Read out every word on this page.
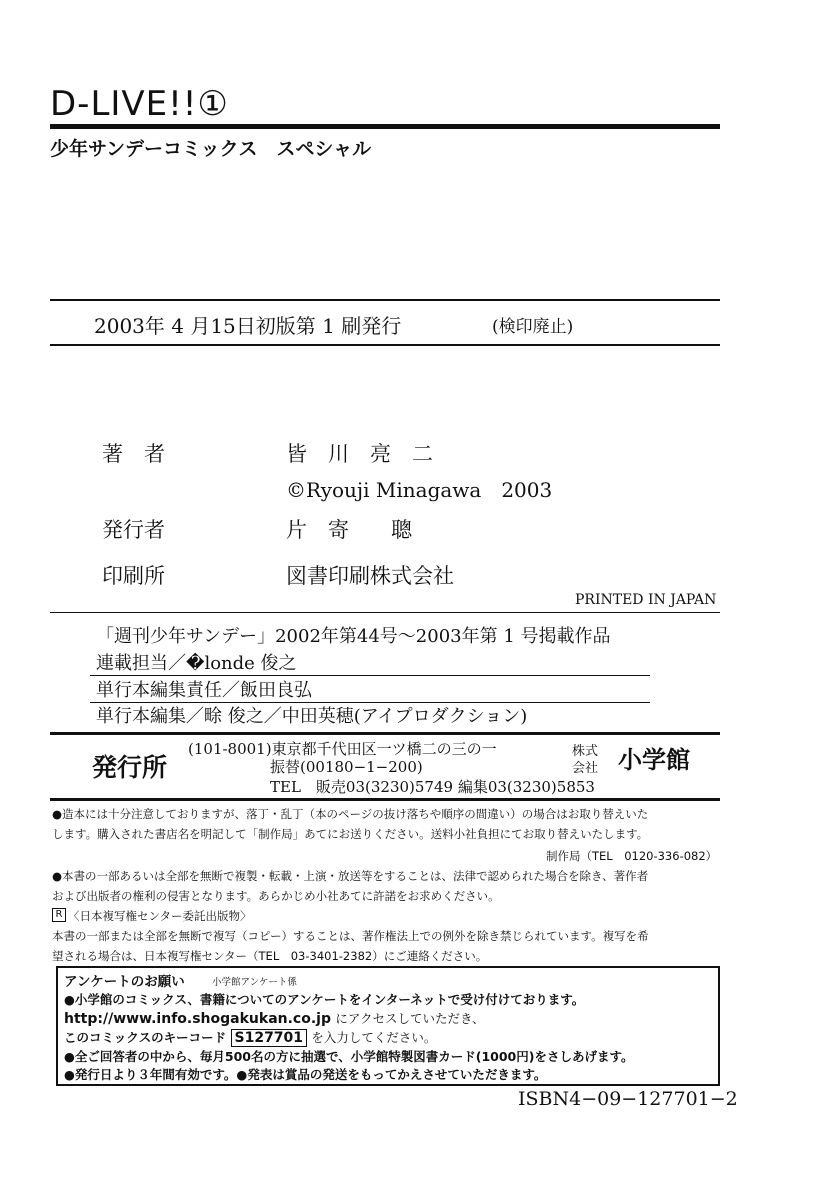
D-LIVE!!①
少年サンデーコミックス　スペシャル
2003年 4 月15日初版第 1 刷発行	(検印廃止)
著　者	皆　川　亮　二
©Ryouji Minagawa　2003
発行者	片　寄　　聰
印刷所	図書印刷株式会社
PRINTED IN JAPAN
「週刊少年サンデー」2002年第44号〜2003年第 1 号掲載作品
連載担当／�londe 俊之
単行本編集責任／飯田良弘
単行本編集／畭 俊之／中田英穂(アイプロダクション)
発行所
(101-8001)東京都千代田区一ツ橋二の三の一
振替(00180−1−200)
TEL　販売03(3230)5749 編集03(3230)5853
株式
会社 小学館
●造本には十分注意しておりますが、落丁・乱丁（本のページの抜け落ちや順序の間違い）の場合はお取り替えいた
します。購入された書店名を明記して「制作局」あてにお送りください。送料小社負担にてお取り替えいたします。
制作局（TEL　0120-336-082）
●本書の一部あるいは全部を無断で複製・転載・上演・放送等をすることは、法律で認められた場合を除き、著作者
および出版者の権利の侵害となります。あらかじめ小社あてに許諾をお求めください。
R 〈日本複写権センター委託出版物〉
本書の一部または全部を無断で複写（コピー）することは、著作権法上での例外を除き禁じられています。複写を希
望される場合は、日本複写権センター（TEL　03-3401-2382）にご連絡ください。
アンケートのお願い	小学館アンケート係
●小学館のコミックス、書籍についてのアンケートをインターネットで受け付けております。
http://www.info.shogakukan.co.jp にアクセスしていただき、
このコミックスのキーコード S127701 を入力してください。
●全ご回答者の中から、毎月500名の方に抽選で、小学館特製図書カード(1000円)をさしあげます。
●発行日より３年間有効です。●発表は賞品の発送をもってかえさせていただきます。
ISBN4−09−127701−2
